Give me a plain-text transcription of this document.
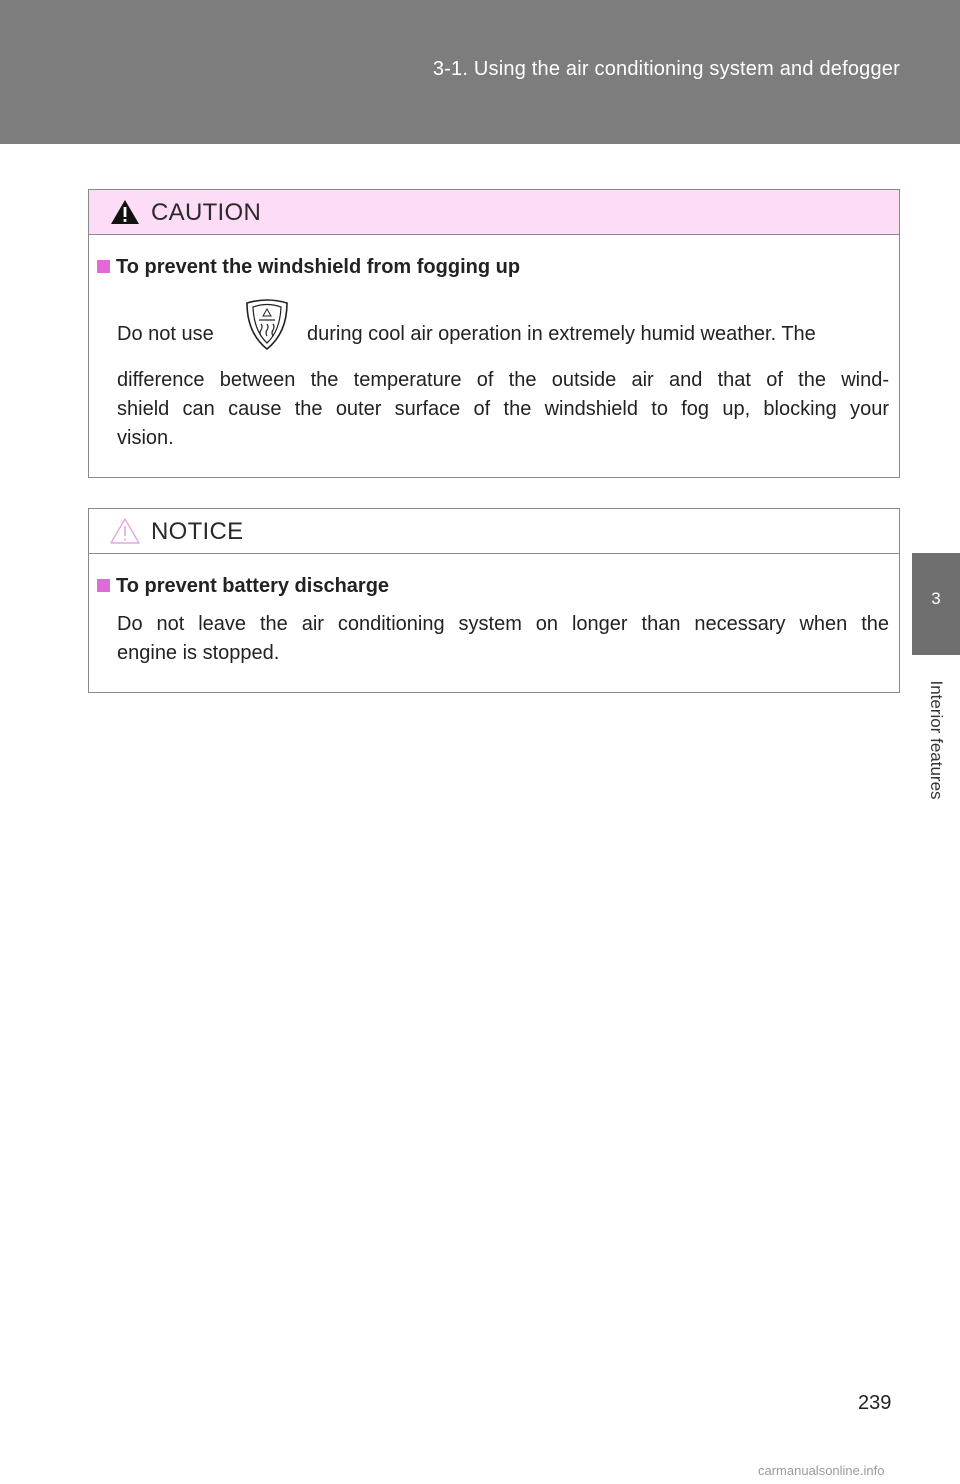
3-1. Using the air conditioning system and defogger
3
Interior features
CAUTION
To prevent the windshield from fogging up
Do not use	during cool air operation in extremely humid weather. The
difference between the temperature of the outside air and that of the wind-
shield can cause the outer surface of the windshield to fog up, blocking your
vision.
NOTICE
To prevent battery discharge
Do not leave the air conditioning system on longer than necessary when the
engine is stopped.
239
carmanualsonline.info
